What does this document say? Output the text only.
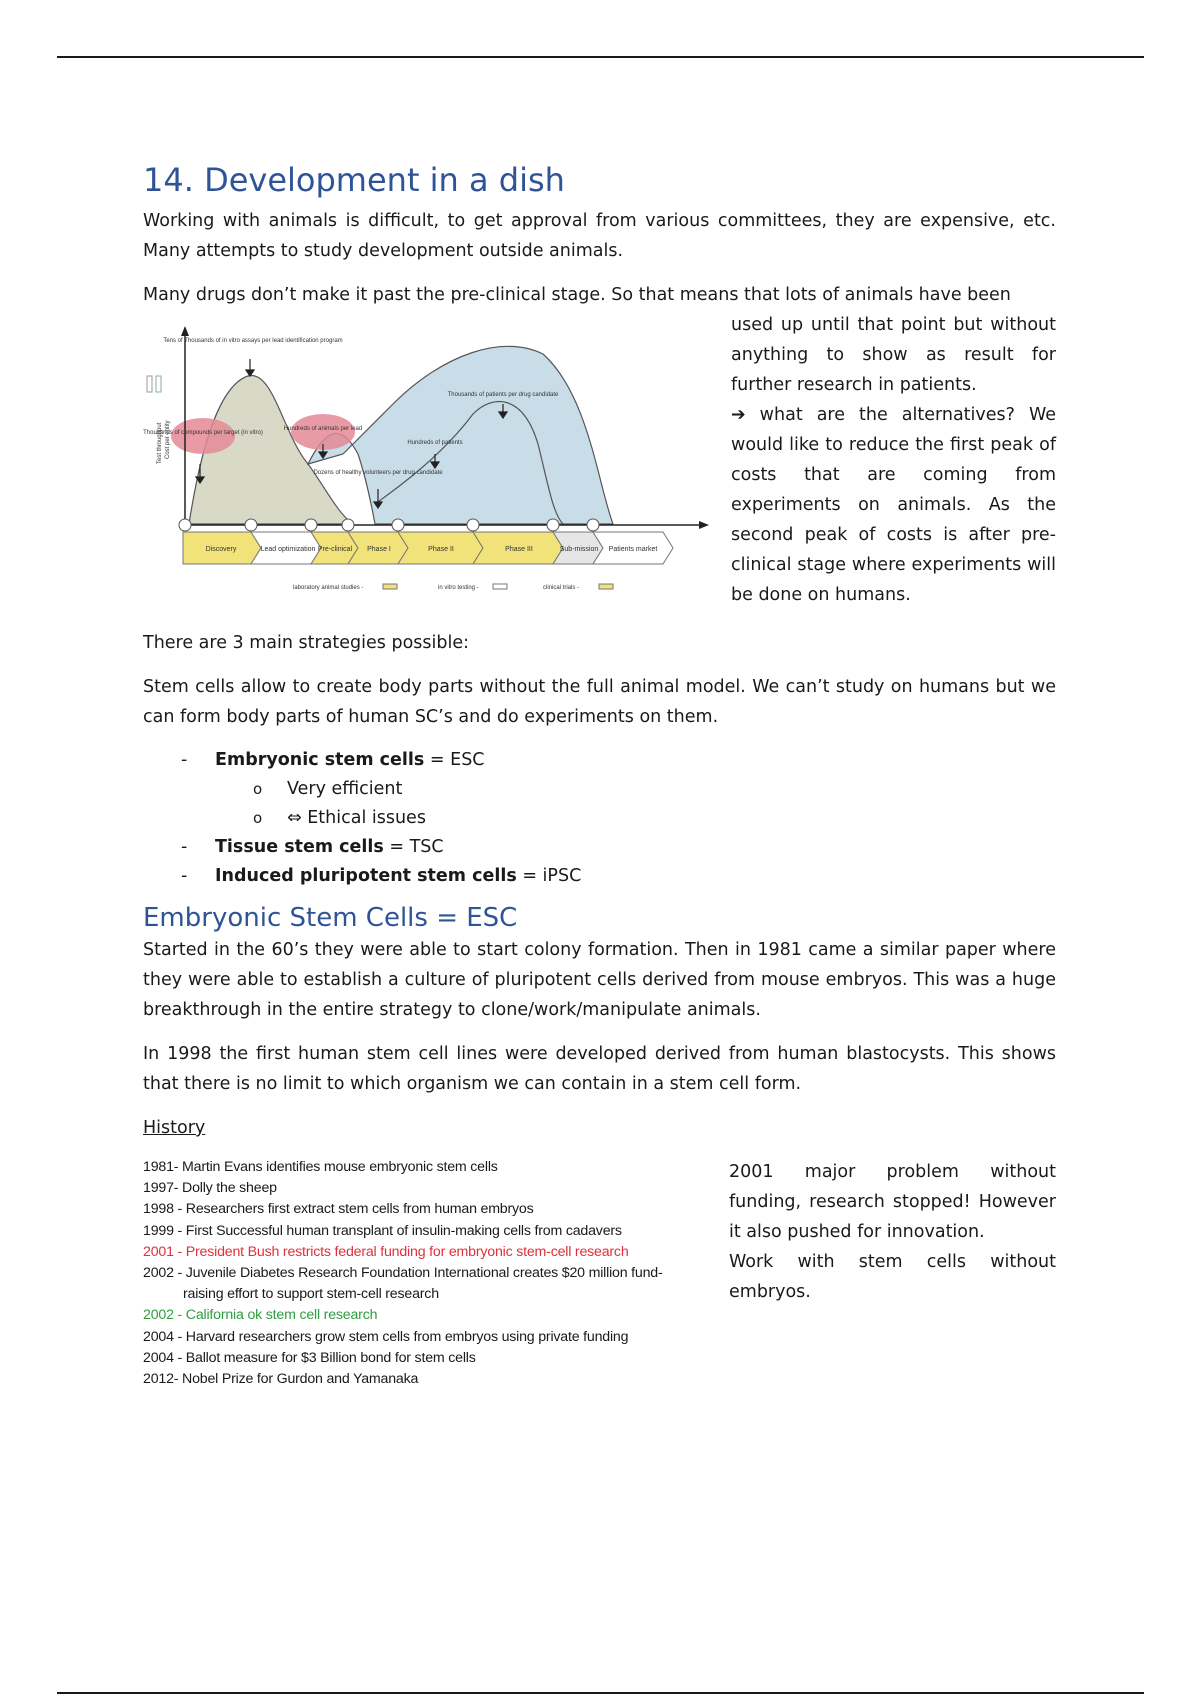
14. Development in a dish

Working with animals is difficult, to get approval from various committees, they are expensive, etc. Many attempts to study development outside animals.

Many drugs don’t make it past the pre-clinical stage. So that means that lots of animals have been

Discovery	Lead optimization Pre-clinical Phase I	Phase II	Phase III	Sub-mission Patients market
Tens of Thousands of in vitro assays per lead identification program
Thousands of compounds per target (in vitro)
Hundreds of animals per lead
Dozens of healthy volunteers per drug candidate
Hundreds of patients
Thousands of patients per drug candidate
Cost per entity
Test throughput
laboratory animal studies -	in vitro testing -	clinical trials -

used up until that point but without anything to show as result for further research in patients.

➔ what are the alternatives? We would like to reduce the first peak of costs that are coming from experiments on animals. As the second peak of costs is after pre-clinical stage where experiments will be done on humans.

There are 3 main strategies possible:

Stem cells allow to create body parts without the full animal model. We can’t study on humans but we can form body parts of human SC’s and do experiments on them.

- Embryonic stem cells = ESC
o Very efficient
o ⇔ Ethical issues
- Tissue stem cells = TSC
- Induced pluripotent stem cells = iPSC
Embryonic Stem Cells = ESC

Started in the 60’s they were able to start colony formation. Then in 1981 came a similar paper where they were able to establish a culture of pluripotent cells derived from mouse embryos. This was a huge breakthrough in the entire strategy to clone/work/manipulate animals.

In 1998 the first human stem cell lines were developed derived from human blastocysts. This shows that there is no limit to which organism we can contain in a stem cell form.

History

1981- Martin Evans identifies mouse embryonic stem cells
1997- Dolly the sheep
1998 - Researchers first extract stem cells from human embryos
1999 - First Successful human transplant of insulin-making cells from cadavers
2001 - President Bush restricts federal funding for embryonic stem-cell research
2002 - Juvenile Diabetes Research Foundation International creates $20 million fund-
raising effort to support stem-cell research
2002 - California ok stem cell research
2004 - Harvard researchers grow stem cells from embryos using private funding
2004 - Ballot measure for $3 Billion bond for stem cells
2012- Nobel Prize for Gurdon and Yamanaka

2001 major problem without funding, research stopped! However it also pushed for innovation.

Work with stem cells without embryos.
